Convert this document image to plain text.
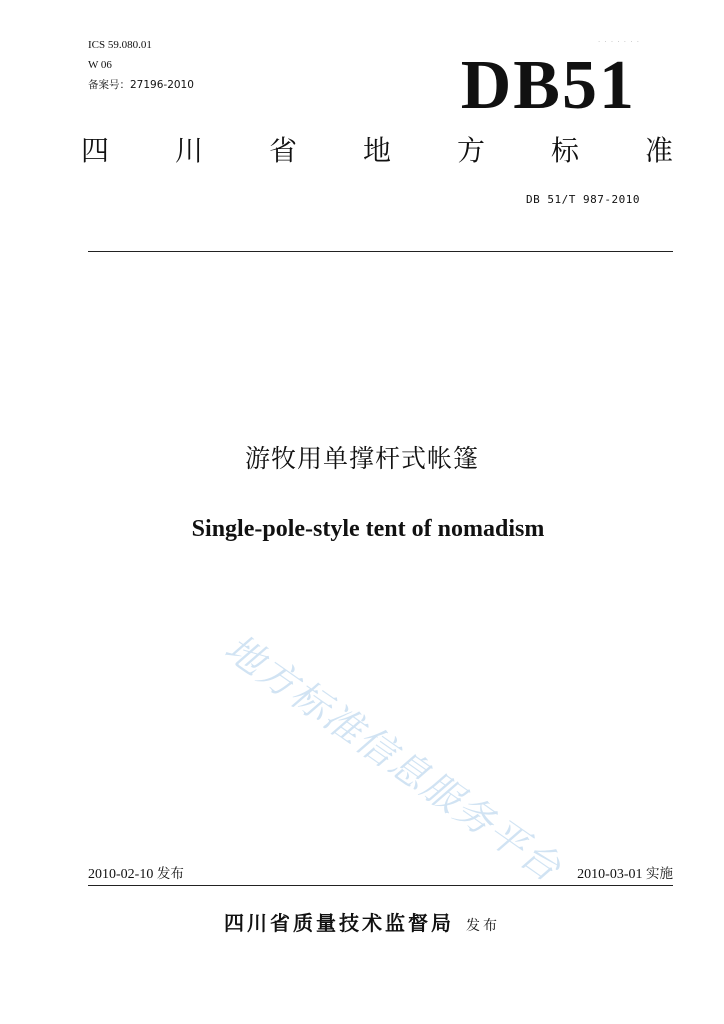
ICS 59.080.01
W 06
备案号：27196-2010
· · · · · · ·
DB51
四 川 省 地 方 标 准
DB 51/T 987-2010
游牧用单撑杆式帐篷
Single-pole-style tent of nomadism
地方标准信息服务平台
2010-02-10 发布	2010-03-01 实施
四川省质量技术监督局 发布
